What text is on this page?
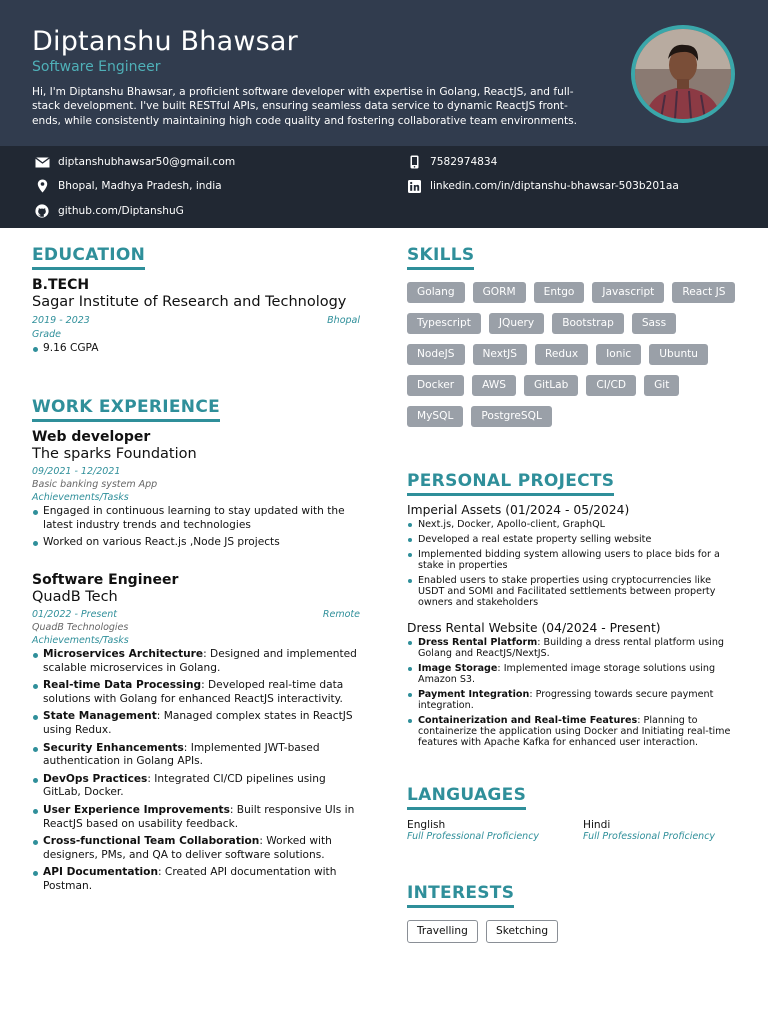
Diptanshu Bhawsar
Software Engineer
Hi, I'm Diptanshu Bhawsar, a proficient software developer with expertise in Golang, ReactJS, and full-stack development. I've built RESTful APIs, ensuring seamless data service to dynamic ReactJS front-ends, while consistently maintaining high code quality and fostering collaborative team environments.
diptanshubhawsar50@gmail.com	7582974834
Bhopal, Madhya Pradesh, india	linkedin.com/in/diptanshu-bhawsar-503b201aa
github.com/DiptanshuG
EDUCATION
B.TECH
Sagar Institute of Research and Technology
2019 - 2023	Bhopal
Grade
9.16 CGPA
WORK EXPERIENCE
Web developer
The sparks Foundation
09/2021 - 12/2021
Basic banking system App
Achievements/Tasks
Engaged in continuous learning to stay updated with the latest industry trends and technologies
Worked on various React.js ,Node JS projects
Software Engineer
QuadB Tech
01/2022 - Present	Remote
QuadB Technologies
Achievements/Tasks
Microservices Architecture: Designed and implemented scalable microservices in Golang.
Real-time Data Processing: Developed real-time data solutions with Golang for enhanced ReactJS interactivity.
State Management: Managed complex states in ReactJS using Redux.
Security Enhancements: Implemented JWT-based authentication in Golang APIs.
DevOps Practices: Integrated CI/CD pipelines using GitLab, Docker.
User Experience Improvements: Built responsive UIs in ReactJS based on usability feedback.
Cross-functional Team Collaboration: Worked with designers, PMs, and QA to deliver software solutions.
API Documentation: Created API documentation with Postman.
SKILLS
Golang	GORM	Entgo	Javascript	React JS
Typescript	JQuery	Bootstrap	Sass
NodeJS	NextJS	Redux	Ionic	Ubuntu
Docker	AWS	GitLab	CI/CD	Git
MySQL	PostgreSQL
PERSONAL PROJECTS
Imperial Assets (01/2024 - 05/2024)
Next.js, Docker, Apollo-client, GraphQL
Developed a real estate property selling website
Implemented bidding system allowing users to place bids for a stake in properties
Enabled users to stake properties using cryptocurrencies like USDT and SOMI and Facilitated settlements between property owners and stakeholders
Dress Rental Website (04/2024 - Present)
Dress Rental Platform: Building a dress rental platform using Golang and ReactJS/NextJS.
Image Storage: Implemented image storage solutions using Amazon S3.
Payment Integration: Progressing towards secure payment integration.
Containerization and Real-time Features: Planning to containerize the application using Docker and Initiating real-time features with Apache Kafka for enhanced user interaction.
LANGUAGES
English
Full Professional Proficiency
Hindi
Full Professional Proficiency
INTERESTS
Travelling	Sketching
